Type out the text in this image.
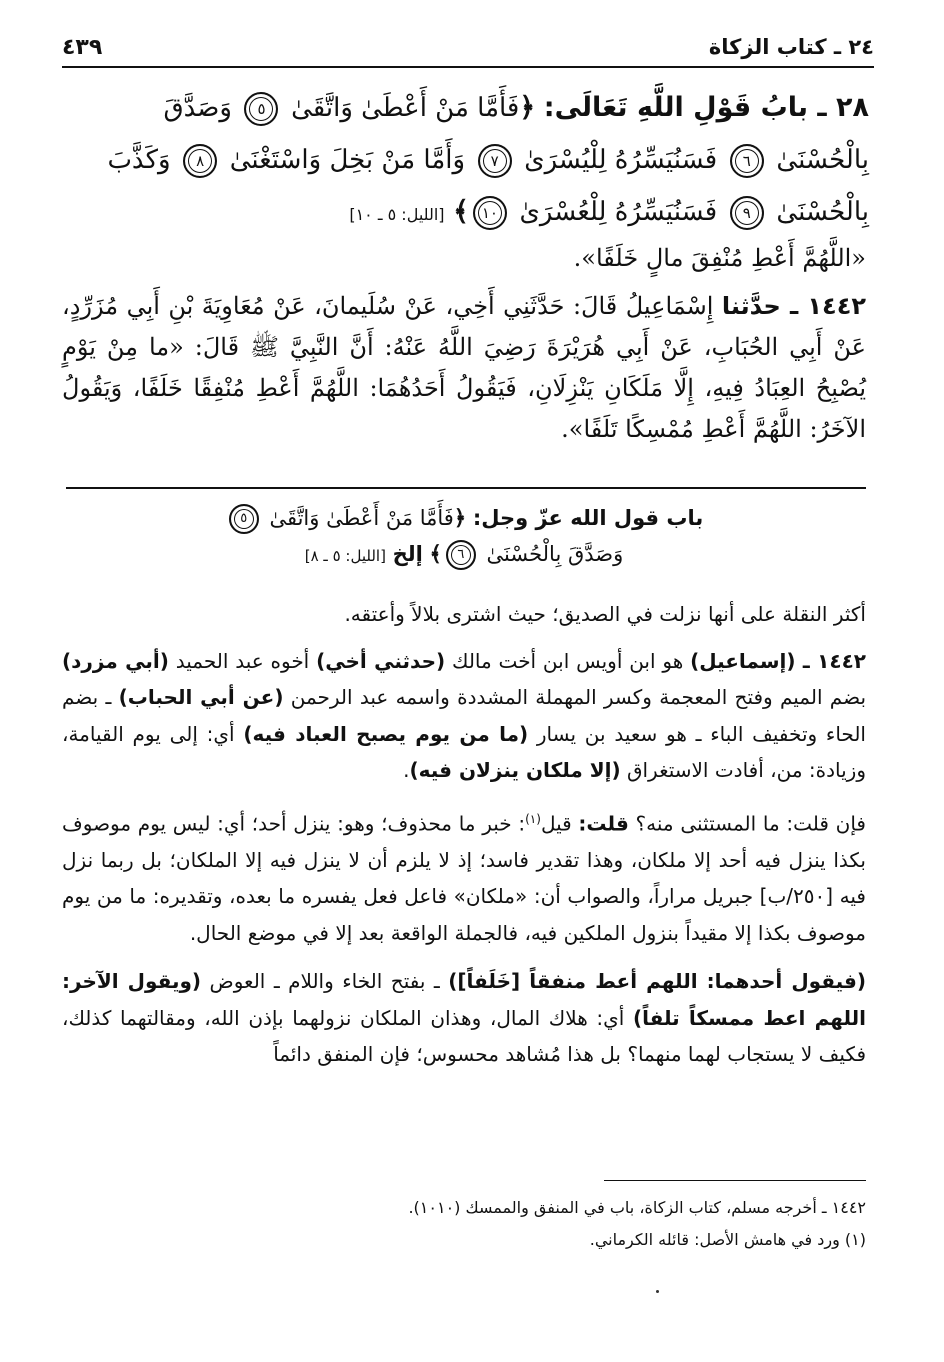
٢٤ ـ كتاب الزكاة
٤٣٩
٢٨ ـ بابُ قَوْلِ اللَّهِ تَعَالَى: ﴿فَأَمَّا مَنْ أَعْطَىٰ وَاتَّقَىٰ ٥ وَصَدَّقَ بِالْحُسْنَىٰ ٦ فَسَنُيَسِّرُهُ لِلْيُسْرَىٰ ٧ وَأَمَّا مَنْ بَخِلَ وَاسْتَغْنَىٰ ٨ وَكَذَّبَ بِالْحُسْنَىٰ ٩ فَسَنُيَسِّرُهُ لِلْعُسْرَىٰ ١٠﴾ [الليل: ٥ ـ ١٠]
«اللَّهُمَّ أَعْطِ مُنْفِقَ مالٍ خَلَفًا».
١٤٤٢ ـ حدَّثنا إِسْمَاعِيلُ قَالَ: حَدَّثَنِي أَخِي، عَنْ سُلَيمانَ، عَنْ مُعَاوِيَةَ بْنِ أَبِي مُزَرِّدٍ، عَنْ أَبِي الحُبَابِ، عَنْ أَبِي هُرَيْرَةَ رَضِيَ اللَّهُ عَنْهُ: أَنَّ النَّبِيَّ ﷺ قَالَ: «ما مِنْ يَوْمٍ يُصْبِحُ العِبَادُ فِيهِ، إِلَّا مَلَكَانِ يَنْزِلَانِ، فَيَقُولُ أَحَدُهُمَا: اللَّهُمَّ أَعْطِ مُنْفِقًا خَلَفًا، وَيَقُولُ الآخَرُ: اللَّهُمَّ أَعْطِ مُمْسِكًا تَلَفًا».
باب قول الله عزّ وجل: ﴿فَأَمَّا مَنْ أَعْطَىٰ وَاتَّقَىٰ ٥
وَصَدَّقَ بِالْحُسْنَىٰ ٦﴾ إلخ [الليل: ٥ ـ ٨]

أكثر النقلة على أنها نزلت في الصديق؛ حيث اشترى بلالاً وأعتقه.

١٤٤٢ ـ (إسماعيل) هو ابن أويس ابن أخت مالك (حدثني أخي) أخوه عبد الحميد (أبي مزرد) بضم الميم وفتح المعجمة وكسر المهملة المشددة واسمه عبد الرحمن (عن أبي الحباب) ـ بضم الحاء وتخفيف الباء ـ هو سعيد بن يسار (ما من يوم يصبح العباد فيه) أي: إلى يوم القيامة، وزيادة: من، أفادت الاستغراق (إلا ملكان ينزلان فيه).

فإن قلت: ما المستثنى منه؟ قلت: قيل$^{(١)}$: خبر ما محذوف؛ وهو: ينزل أحد؛ أي: ليس يوم موصوف بكذا ينزل فيه أحد إلا ملكان، وهذا تقدير فاسد؛ إذ لا يلزم أن لا ينزل فيه إلا الملكان؛ بل ربما نزل فيه [٢٥٠/ب] جبريل مراراً، والصواب أن: «ملكان» فاعل فعل يفسره ما بعده، وتقديره: ما من يوم موصوف بكذا إلا مقيداً بنزول الملكين فيه، فالجملة الواقعة بعد إلا في موضع الحال.

(فيقول أحدهما: اللهم أعط منفقاً [خَلَفاً]) ـ بفتح الخاء واللام ـ العوض (ويقول الآخر: اللهم اعط ممسكاً تلفاً) أي: هلاك المال، وهذان الملكان نزولهما بإذن الله، ومقالتهما كذلك، فكيف لا يستجاب لهما منهما؟ بل هذا مُشاهد محسوس؛ فإن المنفق دائماً

١٤٤٢ ـ أخرجه مسلم، كتاب الزكاة، باب في المنفق والممسك (١٠١٠).
(١) ورد في هامش الأصل: قائله الكرماني.
